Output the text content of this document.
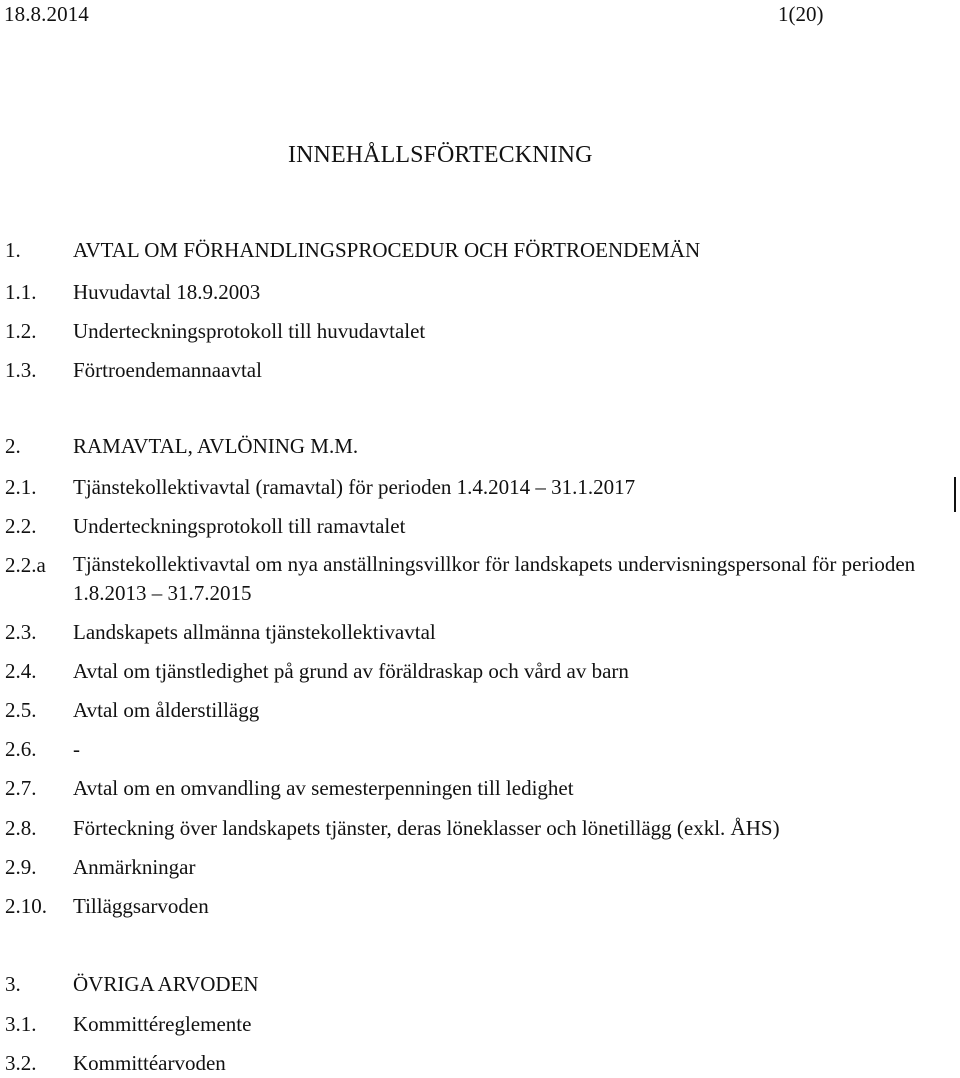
18.8.2014	1(20)
INNEHÅLLSFÖRTECKNING
1. AVTAL OM FÖRHANDLINGSPROCEDUR OCH FÖRTROENDEMÄN
1.1. Huvudavtal 18.9.2003
1.2. Underteckningsprotokoll till huvudavtalet
1.3. Förtroendemannaavtal
2. RAMAVTAL, AVLÖNING M.M.
2.1. Tjänstekollektivavtal (ramavtal) för perioden 1.4.2014 – 31.1.2017
2.2. Underteckningsprotokoll till ramavtalet
2.2.a Tjänstekollektivavtal om nya anställningsvillkor för landskapets undervisningspersonal för perioden 1.8.2013 – 31.7.2015
2.3. Landskapets allmänna tjänstekollektivavtal
2.4. Avtal om tjänstledighet på grund av föräldraskap och vård av barn
2.5. Avtal om ålderstillägg
2.6. -
2.7. Avtal om en omvandling av semesterpenningen till ledighet
2.8. Förteckning över landskapets tjänster, deras löneklasser och lönetillägg (exkl. ÅHS)
2.9. Anmärkningar
2.10. Tilläggsarvoden
3. ÖVRIGA ARVODEN
3.1. Kommittéreglemente
3.2. Kommittéarvoden
